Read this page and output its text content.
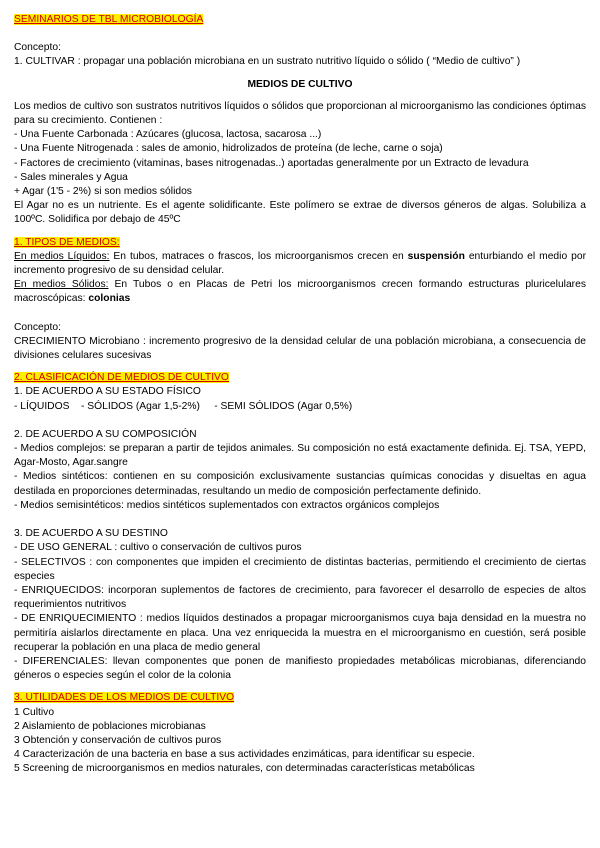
SEMINARIOS DE TBL MICROBIOLOGÍA
Concepto:
1. CULTIVAR : propagar una población microbiana en un sustrato nutritivo líquido o sólido ( “Medio de cultivo” )
MEDIOS DE CULTIVO
Los medios de cultivo son sustratos nutritivos líquidos o sólidos que proporcionan al microorganismo las condiciones óptimas para su crecimiento. Contienen :
- Una Fuente Carbonada : Azúcares (glucosa, lactosa, sacarosa ...)
- Una Fuente Nitrogenada : sales de amonio, hidrolizados de proteína (de leche, carne o soja)
- Factores de crecimiento (vitaminas, bases nitrogenadas..) aportadas generalmente por un Extracto de levadura
- Sales minerales y Agua
+ Agar (1'5 - 2%) si son medios sólidos
El Agar no es un nutriente. Es el agente solidificante. Este polímero se extrae de diversos géneros de algas. Solubiliza a 100ºC. Solidifica por debajo de 45ºC
1. TIPOS DE MEDIOS:
En medios Líquidos: En tubos, matraces o frascos, los microorganismos crecen en suspensión enturbiando el medio por incremento progresivo de su densidad celular.
En medios Sólidos: En Tubos o en Placas de Petri los microorganismos crecen formando estructuras pluricelulares macroscópicas: colonias
Concepto:
CRECIMIENTO Microbiano : incremento progresivo de la densidad celular de una población microbiana, a consecuencia de divisiones celulares sucesivas
2. CLASIFICACIÓN DE MEDIOS DE CULTIVO
1. DE ACUERDO A SU ESTADO FÍSICO
- LÍQUIDOS    - SÓLIDOS (Agar 1,5-2%)     - SEMI SÓLIDOS (Agar 0,5%)
2. DE ACUERDO A SU COMPOSICIÓN
- Medios complejos: se preparan a partir de tejidos animales. Su composición no está exactamente definida. Ej. TSA, YEPD, Agar-Mosto, Agar.sangre
- Medios sintéticos: contienen en su composición exclusivamente sustancias químicas conocidas y disueltas en agua destilada en proporciones determinadas, resultando un medio de composición perfectamente definido.
- Medios semisintéticos: medios sintéticos suplementados con extractos orgánicos complejos
3. DE ACUERDO A SU DESTINO
- DE USO GENERAL : cultivo o conservación de cultivos puros
- SELECTIVOS : con componentes que impiden el crecimiento de distintas bacterias, permitiendo el crecimiento de ciertas especies
- ENRIQUECIDOS: incorporan suplementos de factores de crecimiento, para favorecer el desarrollo de especies de altos requerimientos nutritivos
- DE ENRIQUECIMIENTO : medios líquidos destinados a propagar microorganismos cuya baja densidad en la muestra no permitiría aislarlos directamente en placa. Una vez enriquecida la muestra en el microorganismo en cuestión, será posible recuperar la población en una placa de medio general
- DIFERENCIALES: llevan componentes que ponen de manifiesto propiedades metabólicas microbianas, diferenciando géneros o especies según el color de la colonia
3. UTILIDADES DE LOS MEDIOS DE CULTIVO
1 Cultivo
2 Aislamiento de poblaciones microbianas
3 Obtención y conservación de cultivos puros
4 Caracterización de una bacteria en base a sus actividades enzimáticas, para identificar su especie.
5 Screening de microorganismos en medios naturales, con determinadas características metabólicas
